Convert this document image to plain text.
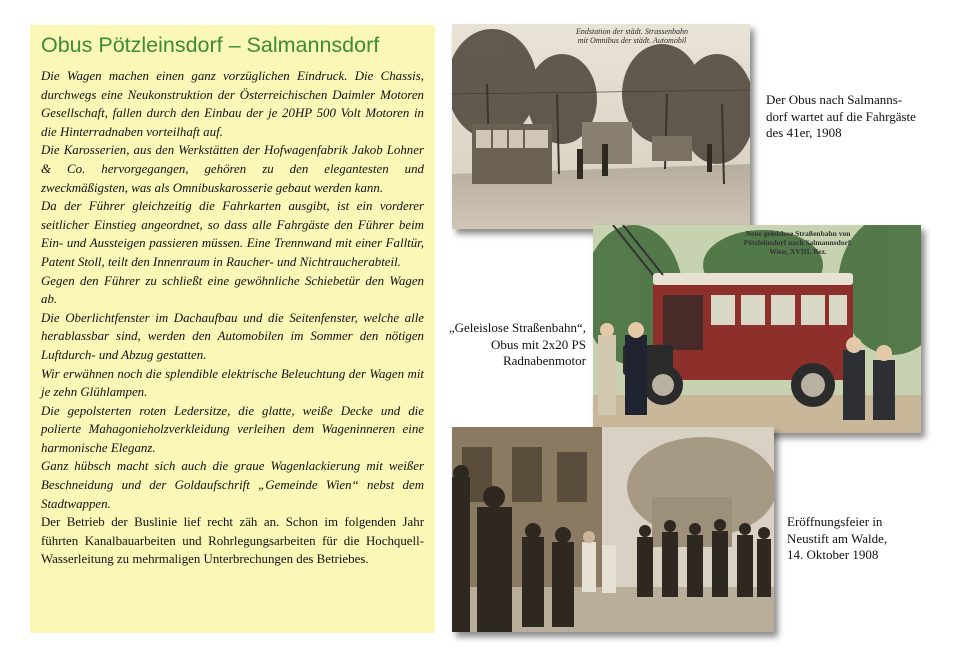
Obus Pötzleinsdorf – Salmannsdorf

Die Wagen machen einen ganz vorzüglichen Eindruck. Die Chassis, durchwegs eine Neukonstruktion der Österreichischen Daimler Motoren Gesellschaft, fallen durch den Einbau der je 20HP 500 Volt Motoren in die Hinterradnaben vorteilhaft auf.

Die Karosserien, aus den Werkstätten der Hofwagenfabrik Jakob Lohner & Co. hervorgegangen, gehören zu den elegantesten und zweckmäßigsten, was als Omnibuskarosserie gebaut werden kann.

Da der Führer gleichzeitig die Fahrkarten ausgibt, ist ein vorderer seitlicher Einstieg angeordnet, so dass alle Fahrgäste den Führer beim Ein- und Aussteigen passieren müssen. Eine Trennwand mit einer Falltür, Patent Stoll, teilt den Innenraum in Raucher- und Nichtraucherabteil.

Gegen den Führer zu schließt eine gewöhnliche Schiebetür den Wagen ab.

Die Oberlichtfenster im Dachaufbau und die Seitenfenster, welche alle herablassbar sind, werden den Automobilen im Sommer den nötigen Luftdurch- und Abzug gestatten.

Wir erwähnen noch die splendible elektrische Beleuchtung der Wagen mit je zehn Glühlampen.

Die gepolsterten roten Ledersitze, die glatte, weiße Decke und die polierte Mahagonieholzverkleidung verleihen dem Wageninneren eine harmonische Eleganz.

Ganz hübsch macht sich auch die graue Wagenlackierung mit weißer Beschneidung und der Goldaufschrift „Gemeinde Wien“ nebst dem Stadtwappen.

Der Betrieb der Buslinie lief recht zäh an. Schon im folgenden Jahr führten Kanalbauarbeiten und Rohrlegungsarbeiten für die Hochquell-Wasserleitung zu mehrmaligen Unterbrechungen des Betriebes.

Endstation der städt. Strassenbahn
mit Omnibus der städt. Automobil
Neue geleislose Straßenbahn von
Pötzleinsdorf nach Salmannsdorf.
Wien, XVIII. Bez.
Der Obus nach Salmanns-
dorf wartet auf die Fahrgäste
des 41er, 1908
„Geleislose Straßenbahn“,
Obus mit 2x20 PS
Radnabenmotor
Eröffnungsfeier in
Neustift am Walde,
14. Oktober 1908
